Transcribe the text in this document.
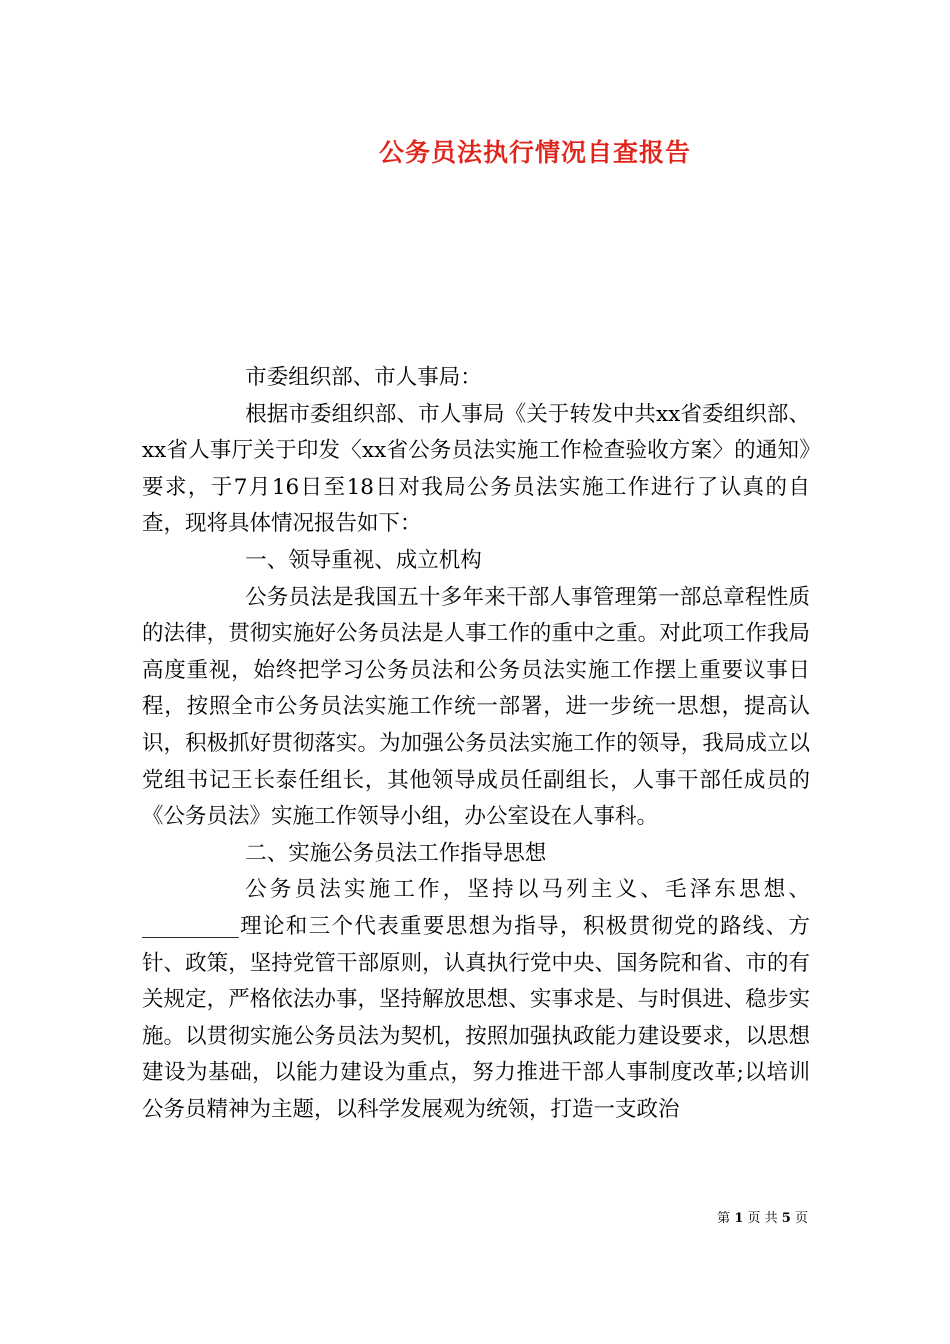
公务员法执行情况自查报告

市委组织部、市人事局：

根据市委组织部、市人事局《关于转发中共xx省委组织部、xx省人事厅关于印发〈xx省公务员法实施工作检查验收方案〉的通知》要求，于7月16日至18日对我局公务员法实施工作进行了认真的自查，现将具体情况报告如下：

一、领导重视、成立机构

公务员法是我国五十多年来干部人事管理第一部总章程性质的法律，贯彻实施好公务员法是人事工作的重中之重。对此项工作我局高度重视，始终把学习公务员法和公务员法实施工作摆上重要议事日程，按照全市公务员法实施工作统一部署，进一步统一思想，提高认识，积极抓好贯彻落实。为加强公务员法实施工作的领导，我局成立以党组书记王长泰任组长，其他领导成员任副组长，人事干部任成员的《公务员法》实施工作领导小组，办公室设在人事科。

二、实施公务员法工作指导思想

公务员法实施工作，坚持以马列主义、毛泽东思想、_________理论和三个代表重要思想为指导，积极贯彻党的路线、方针、政策，坚持党管干部原则，认真执行党中央、国务院和省、市的有关规定，严格依法办事，坚持解放思想、实事求是、与时俱进、稳步实施。以贯彻实施公务员法为契机，按照加强执政能力建设要求，以思想建设为基础，以能力建设为重点，努力推进干部人事制度改革;以培训公务员精神为主题，以科学发展观为统领，打造一支政治

第 1 页 共 5 页
